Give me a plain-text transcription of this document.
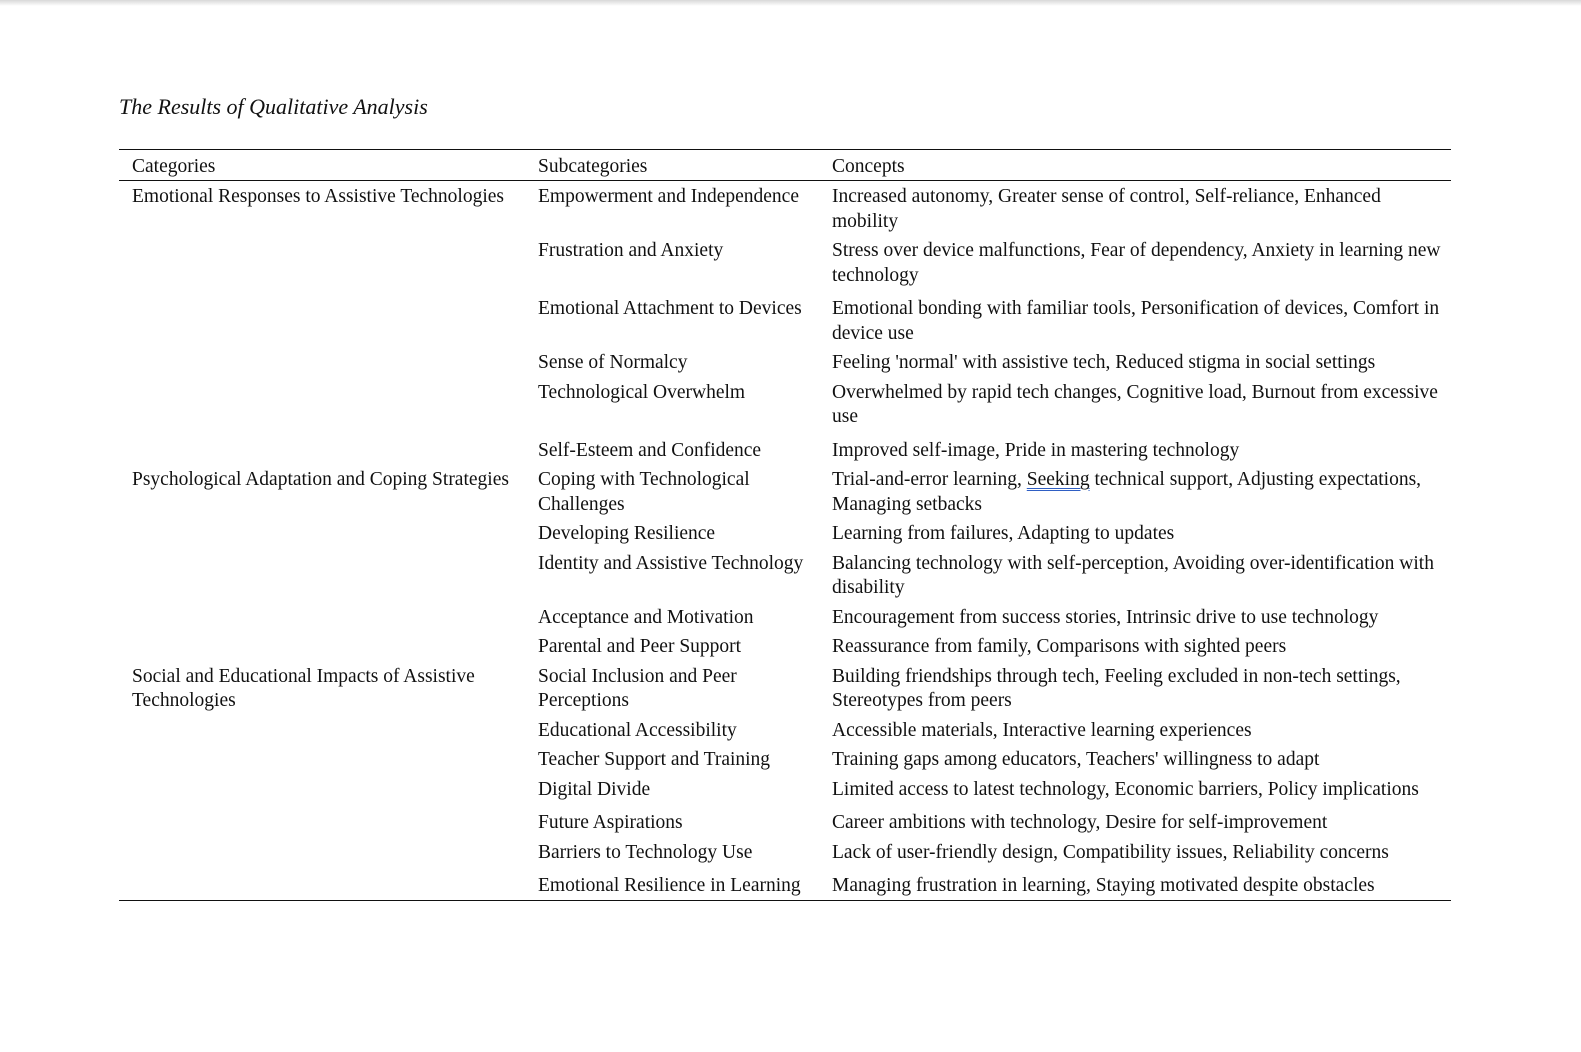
The Results of Qualitative Analysis
Categories	Subcategories	Concepts
Emotional Responses to Assistive Technologies	Empowerment and Independence	Increased autonomy, Greater sense of control, Self-reliance, Enhanced mobility
	Frustration and Anxiety	Stress over device malfunctions, Fear of dependency, Anxiety in learning new technology
	Emotional Attachment to Devices	Emotional bonding with familiar tools, Personification of devices, Comfort in device use
	Sense of Normalcy	Feeling 'normal' with assistive tech, Reduced stigma in social settings
	Technological Overwhelm	Overwhelmed by rapid tech changes, Cognitive load, Burnout from excessive use
	Self-Esteem and Confidence	Improved self-image, Pride in mastering technology
Psychological Adaptation and Coping Strategies	Coping with Technological Challenges	Trial-and-error learning, Seeking technical support, Adjusting expectations, Managing setbacks
	Developing Resilience	Learning from failures, Adapting to updates
	Identity and Assistive Technology	Balancing technology with self-perception, Avoiding over-identification with disability
	Acceptance and Motivation	Encouragement from success stories, Intrinsic drive to use technology
	Parental and Peer Support	Reassurance from family, Comparisons with sighted peers
Social and Educational Impacts of Assistive Technologies	Social Inclusion and Peer Perceptions	Building friendships through tech, Feeling excluded in non-tech settings, Stereotypes from peers
	Educational Accessibility	Accessible materials, Interactive learning experiences
	Teacher Support and Training	Training gaps among educators, Teachers' willingness to adapt
	Digital Divide	Limited access to latest technology, Economic barriers, Policy implications
	Future Aspirations	Career ambitions with technology, Desire for self-improvement
	Barriers to Technology Use	Lack of user-friendly design, Compatibility issues, Reliability concerns
	Emotional Resilience in Learning	Managing frustration in learning, Staying motivated despite obstacles
